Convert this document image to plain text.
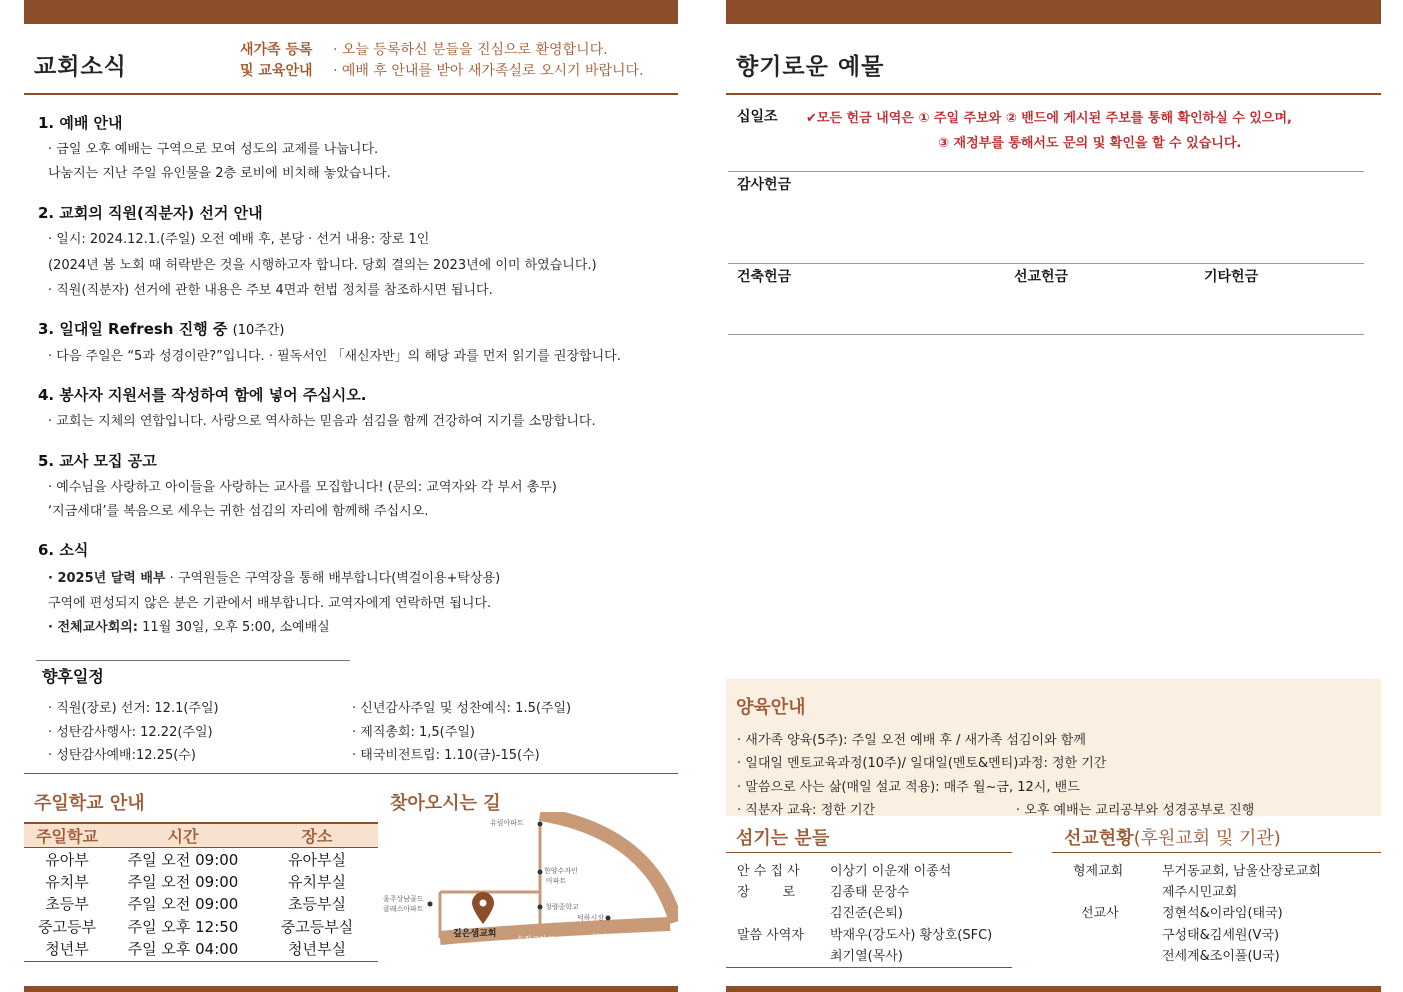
교회소식
새가족 등록
및 교육안내
· 오늘 등록하신 분들을 진심으로 환영합니다.
· 예배 후 안내를 받아 새가족실로 오시기 바랍니다.
1. 예배 안내
· 금일 오후 예배는 구역으로 모여 성도의 교제를 나눕니다.
나눔지는 지난 주일 유인물을 2층 로비에 비치해 놓았습니다.
2. 교회의 직원(직분자) 선거 안내
· 일시: 2024.12.1.(주일) 오전 예배 후, 본당 · 선거 내용: 장로 1인
(2024년 봄 노회 때 허락받은 것을 시행하고자 합니다. 당회 결의는 2023년에 이미 하였습니다.)
· 직원(직분자) 선거에 관한 내용은 주보 4면과 헌법 정치를 참조하시면 됩니다.
3. 일대일 Refresh 진행 중 (10주간)
· 다음 주일은 “5과 성경이란?”입니다. · 필독서인 「새신자반」의 해당 과를 먼저 읽기를 권장합니다.
4. 봉사자 지원서를 작성하여 함에 넣어 주십시오.
· 교회는 지체의 연합입니다. 사랑으로 역사하는 믿음과 섬김을 함께 건강하여 지기를 소망합니다.
5. 교사 모집 공고
· 예수님을 사랑하고 아이들을 사랑하는 교사를 모집합니다! (문의: 교역자와 각 부서 총무)
‘지금세대’를 복음으로 세우는 귀한 섬김의 자리에 함께해 주십시오.
6. 소식
· 2025년 달력 배부 · 구역원들은 구역장을 통해 배부합니다(벽걸이용+탁상용)
구역에 편성되지 않은 분은 기관에서 배부합니다. 교역자에게 연락하면 됩니다.
· 전체교사회의: 11월 30일, 오후 5:00, 소예배실
향후일정
· 직원(장로) 선거: 12.1(주일)
· 성탄감사행사: 12.22(주일)
· 성탄감사예배:12.25(수)
· 신년감사주일 및 성찬예식: 1.5(주일)
· 제직총회: 1,5(주일)
· 태국비전트립: 1.10(금)-15(수)
주일학교 안내
주일학교	시간	장소
유아부	주일 오전 09:00	유아부실
유치부	주일 오전 09:00	유치부실
초등부	주일 오전 09:00	초등부실
중고등부	주일 오후 12:50	중고등부실
청년부	주일 오후 04:00	청년부실
찾아오시는 길
유림아파트
한양수자인
아파트
울주상남골드
클래스아파트	청량중학교
덕하시장
깊은샘교회
송진교차로	청당삼거리
향기로운 예물
십일조 ✔모든 헌금 내역은 ① 주일 주보와 ② 밴드에 게시된 주보를 통해 확인하실 수 있으며,
③ 재정부를 통해서도 문의 및 확인을 할 수 있습니다.
감사헌금
건축헌금	선교헌금	기타헌금
양육안내
· 새가족 양육(5주): 주일 오전 예배 후 / 새가족 섬김이와 함께
· 일대일 멘토교육과정(10주)/ 일대일(멘토&멘티)과정: 정한 기간
· 말씀으로 사는 삶(매일 설교 적용): 매주 월~금, 12시, 밴드
· 직분자 교육: 정한 기간	· 오후 예배는 교리공부와 성경공부로 진행
섬기는 분들
안 수 집 사 이상기 이운재 이종석
장        로	김종태 문장수
김진준(은퇴)
말씀 사역자 박재우(강도사) 황상호(SFC)
최기열(목사)
선교현황(후원교회 및 기관)
형제교회	무거동교회, 남울산장로교회
제주시민교회
선교사	정현석&이라임(태국)
구성태&김세원(V국)
전세계&조이풀(U국)
